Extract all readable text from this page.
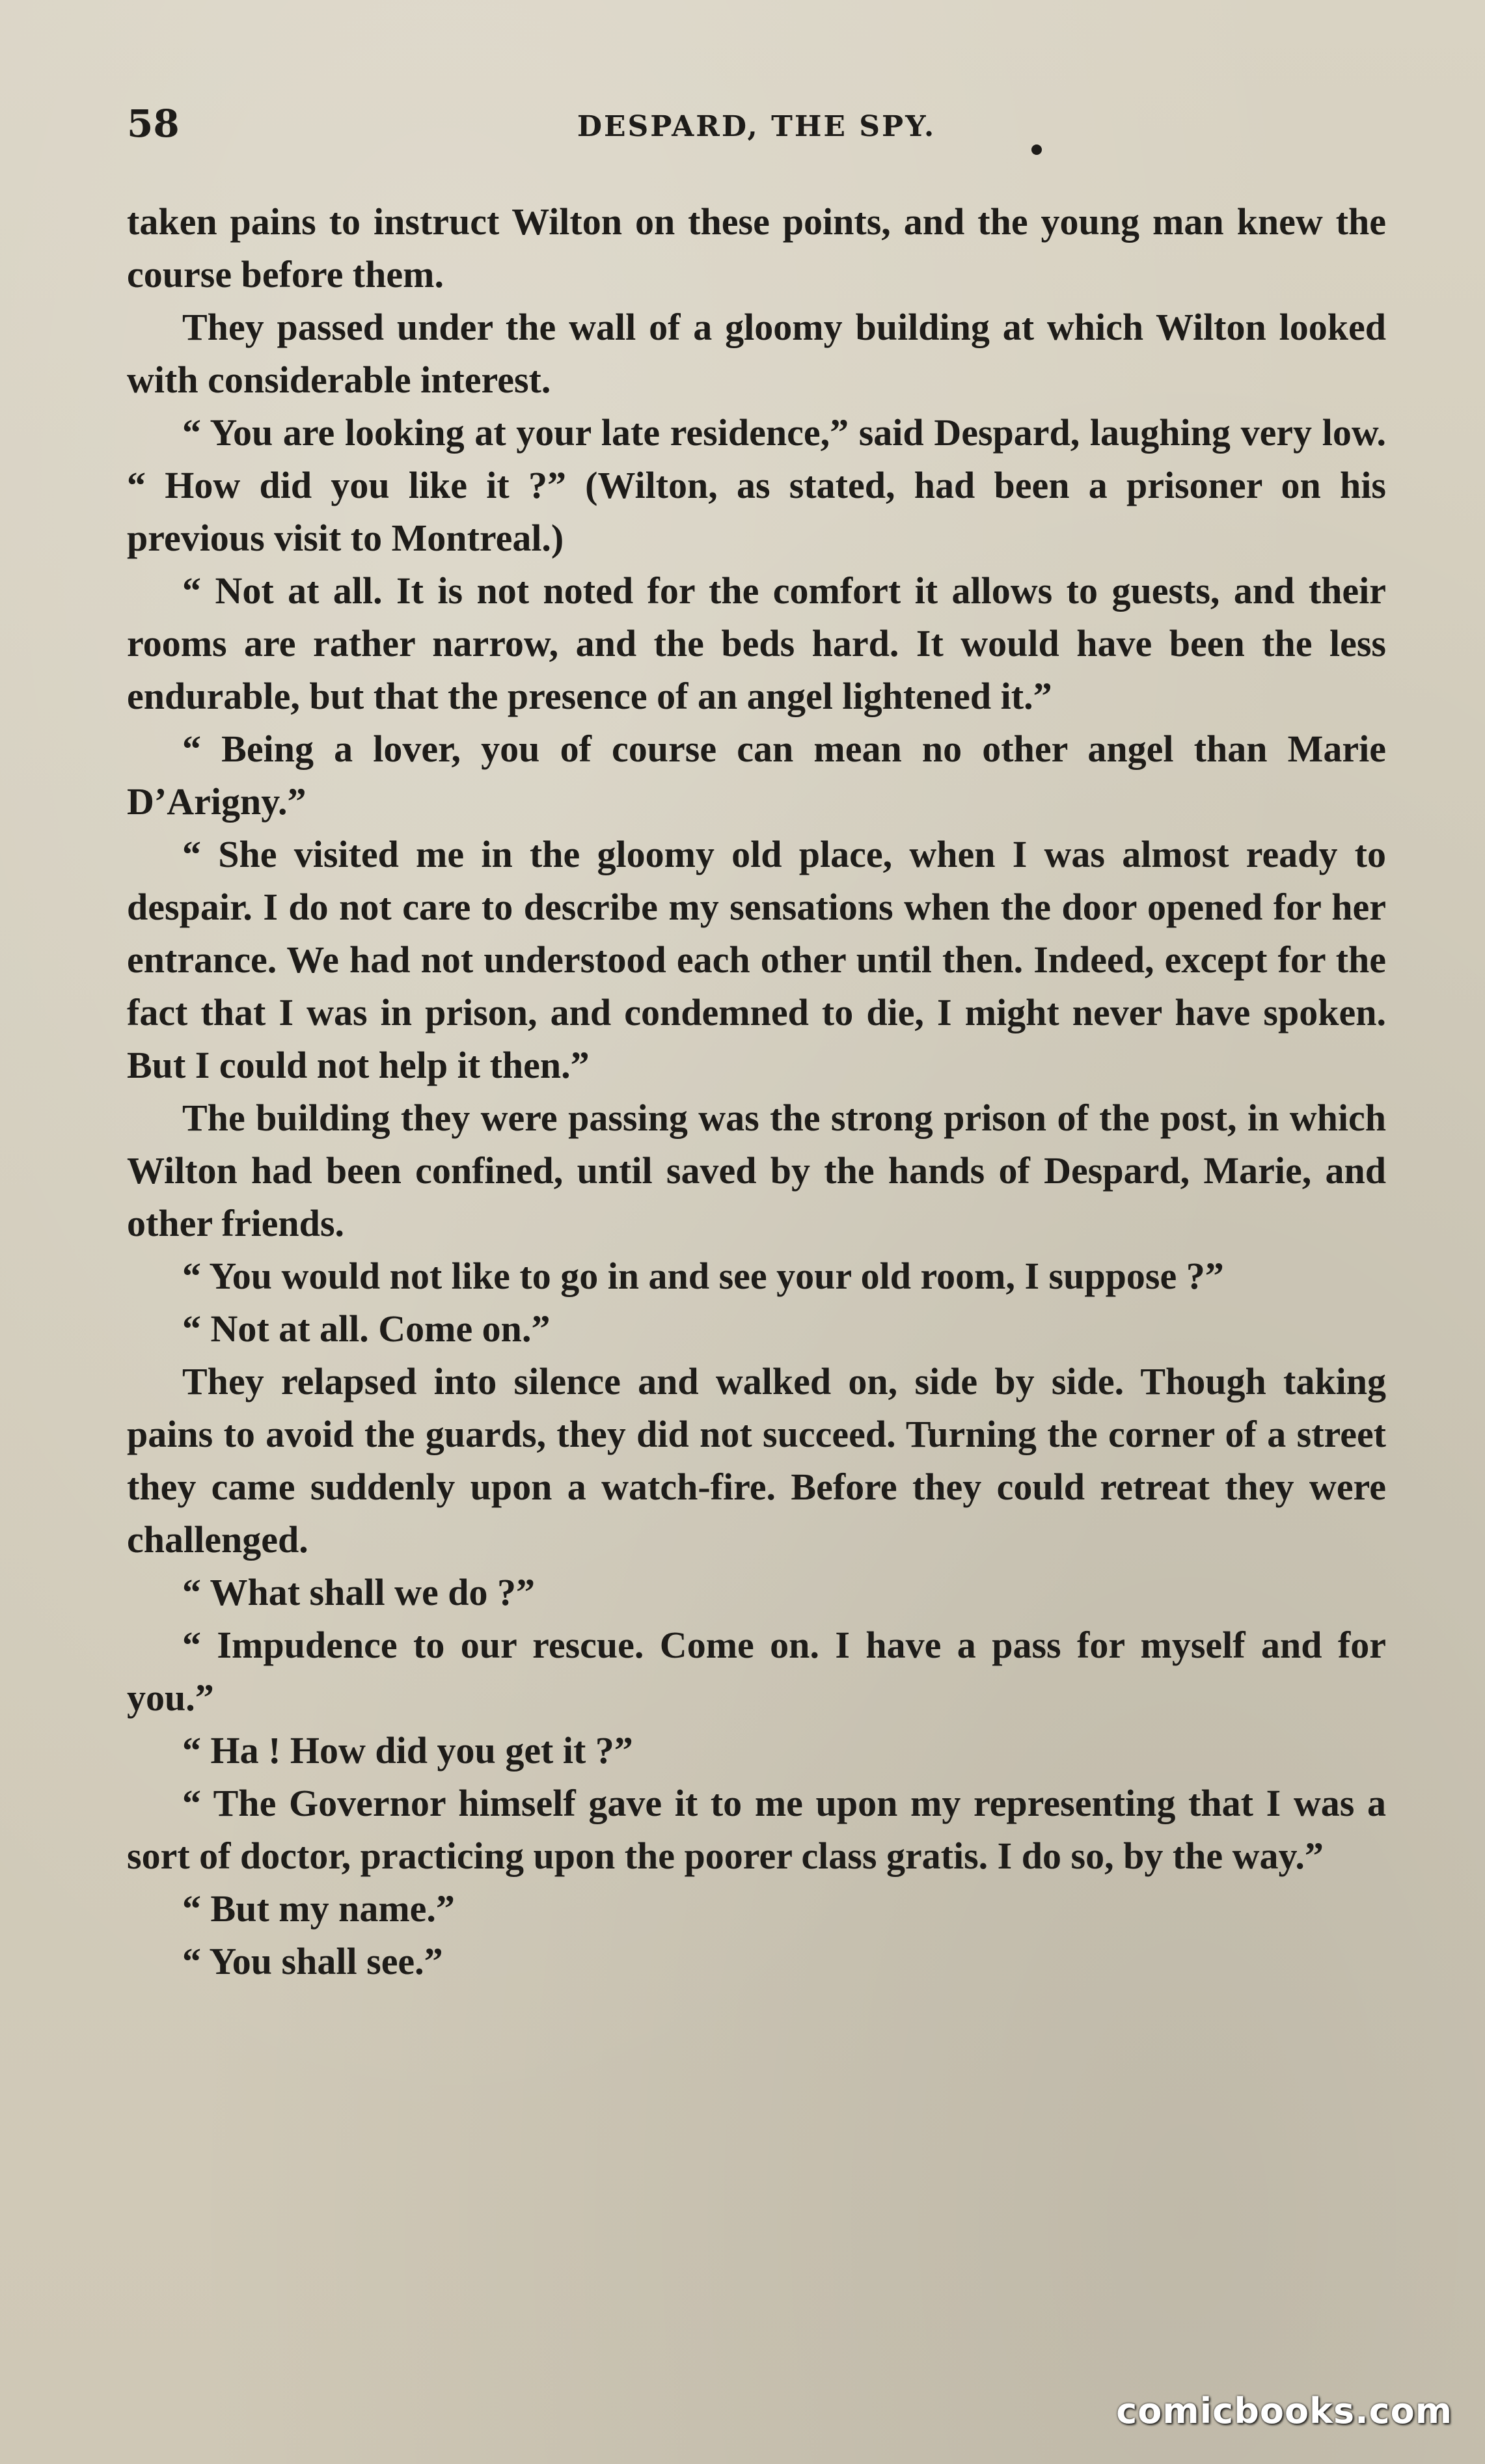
58	DESPARD, THE SPY.

taken pains to instruct Wilton on these points, and the young man knew the course before them.

They passed under the wall of a gloomy building at which Wilton looked with considerable interest.

“ You are looking at your late residence,” said Despard, laughing very low. “ How did you like it ?” (Wilton, as stated, had been a prisoner on his previous visit to Montreal.)

“ Not at all. It is not noted for the comfort it allows to guests, and their rooms are rather narrow, and the beds hard. It would have been the less endurable, but that the presence of an angel lightened it.”

“ Being a lover, you of course can mean no other angel than Marie D’Arigny.”

“ She visited me in the gloomy old place, when I was almost ready to despair. I do not care to describe my sensations when the door opened for her entrance. We had not understood each other until then. Indeed, except for the fact that I was in prison, and condemned to die, I might never have spoken. But I could not help it then.”

The building they were passing was the strong prison of the post, in which Wilton had been confined, until saved by the hands of Despard, Marie, and other friends.

“ You would not like to go in and see your old room, I suppose ?”

“ Not at all. Come on.”

They relapsed into silence and walked on, side by side. Though taking pains to avoid the guards, they did not succeed. Turning the corner of a street they came suddenly upon a watch-fire. Before they could retreat they were challenged.

“ What shall we do ?”

“ Impudence to our rescue. Come on. I have a pass for myself and for you.”

“ Ha ! How did you get it ?”

“ The Governor himself gave it to me upon my representing that I was a sort of doctor, practicing upon the poorer class gratis. I do so, by the way.”

“ But my name.”

“ You shall see.”

comicbooks.com
